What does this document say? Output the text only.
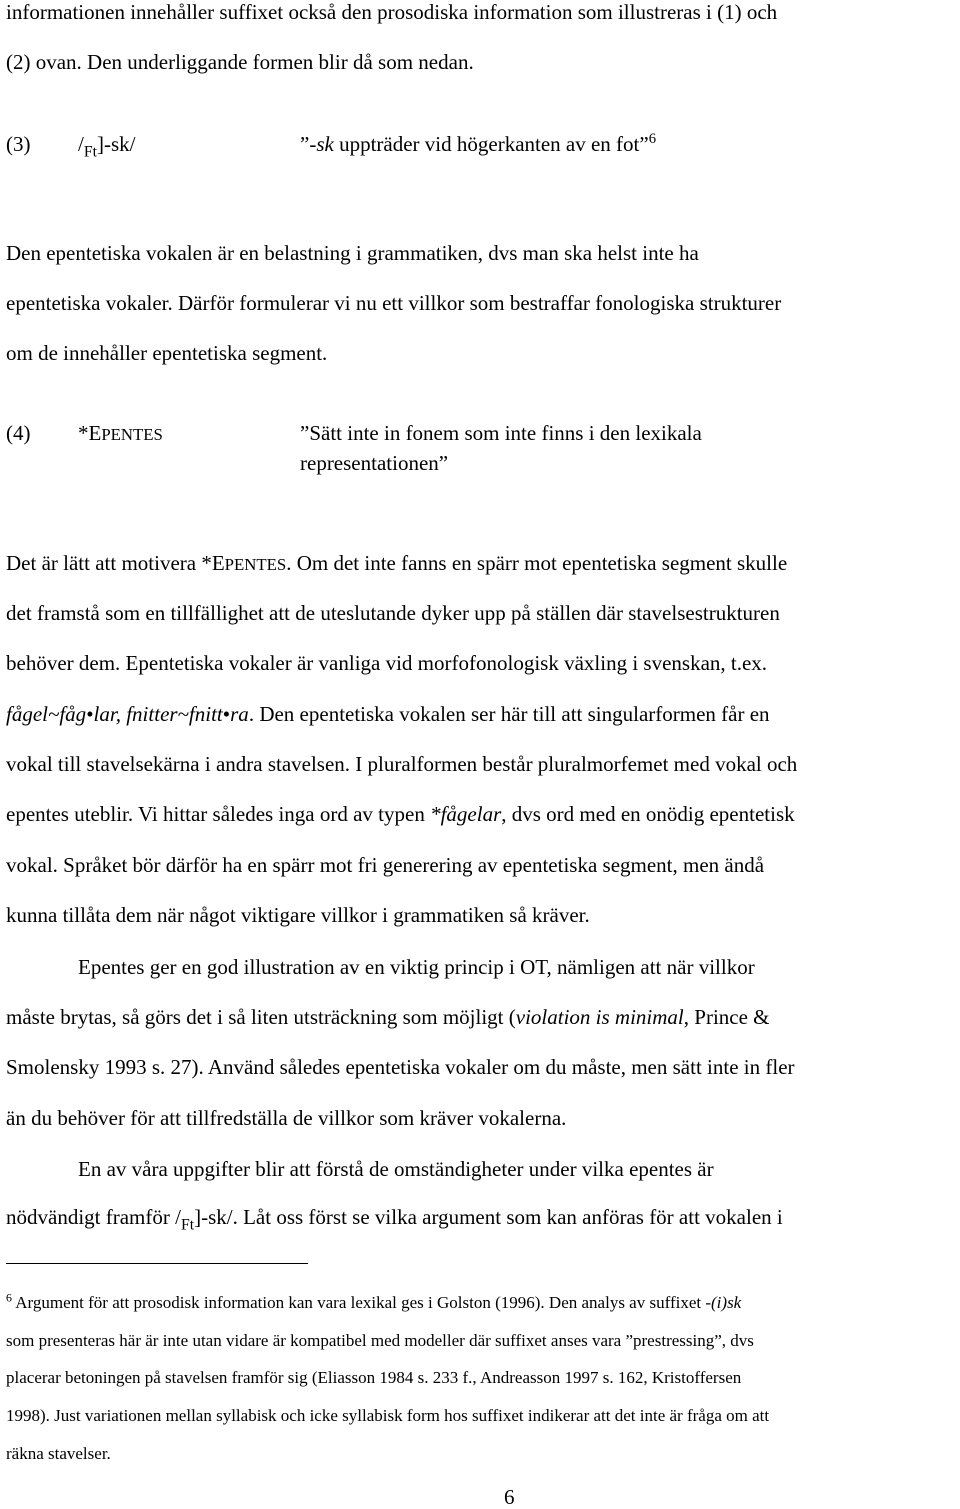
informationen innehåller suffixet också den prosodiska information som illustreras i (1) och
(2) ovan. Den underliggande formen blir då som nedan.
(3) $/_{Ft}]-sk/$	”-sk uppträder vid högerkanten av en fot”$^6$
Den epentetiska vokalen är en belastning i grammatiken, dvs man ska helst inte ha
epentetiska vokaler. Därför formulerar vi nu ett villkor som bestraffar fonologiska strukturer
om de innehåller epentetiska segment.
(4) *EPENTES	”Sätt inte in fonem som inte finns i den lexikala
representationen”
Det är lätt att motivera *EPENTES. Om det inte fanns en spärr mot epentetiska segment skulle
det framstå som en tillfällighet att de uteslutande dyker upp på ställen där stavelsestrukturen
behöver dem. Epentetiska vokaler är vanliga vid morfofonologisk växling i svenskan, t.ex.
fågel~fåg•lar, fnitter~fnitt•ra. Den epentetiska vokalen ser här till att singularformen får en
vokal till stavelsekärna i andra stavelsen. I pluralformen består pluralmorfemet med vokal och
epentes uteblir. Vi hittar således inga ord av typen *fågelar, dvs ord med en onödig epentetisk
vokal. Språket bör därför ha en spärr mot fri generering av epentetiska segment, men ändå
kunna tillåta dem när något viktigare villkor i grammatiken så kräver.
Epentes ger en god illustration av en viktig princip i OT, nämligen att när villkor
måste brytas, så görs det i så liten utsträckning som möjligt (violation is minimal, Prince &
Smolensky 1993 s. 27). Använd således epentetiska vokaler om du måste, men sätt inte in fler
än du behöver för att tillfredställa de villkor som kräver vokalerna.
En av våra uppgifter blir att förstå de omständigheter under vilka epentes är
nödvändigt framför $/_{Ft}]-sk/$. Låt oss först se vilka argument som kan anföras för att vokalen i
$^6$ Argument för att prosodisk information kan vara lexikal ges i Golston (1996). Den analys av suffixet -(i)sk
som presenteras här är inte utan vidare är kompatibel med modeller där suffixet anses vara ”prestressing”, dvs
placerar betoningen på stavelsen framför sig (Eliasson 1984 s. 233 f., Andreasson 1997 s. 162, Kristoffersen
1998). Just variationen mellan syllabisk och icke syllabisk form hos suffixet indikerar att det inte är fråga om att
räkna stavelser.
6
